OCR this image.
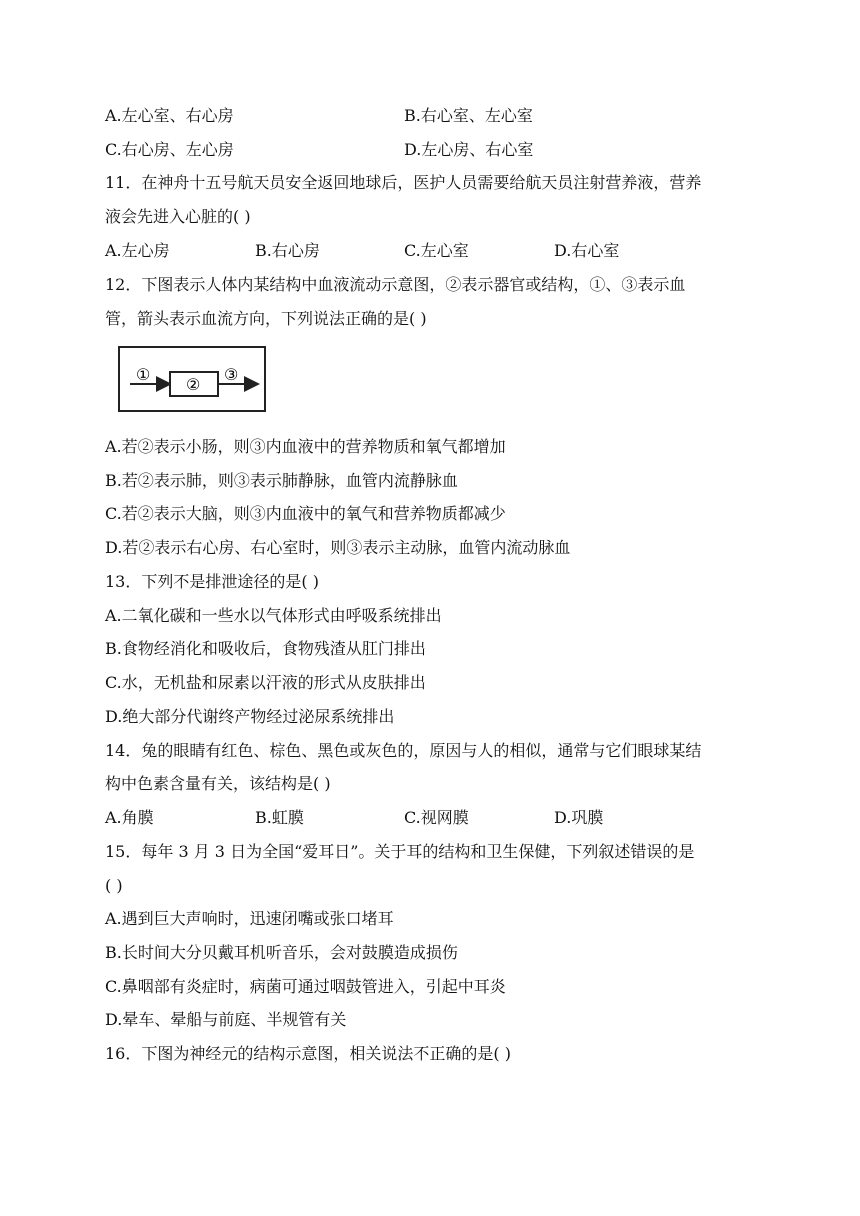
A.左心室、右心房	B.右心室、左心室
C.右心房、左心房	D.左心房、右心室
11．在神舟十五号航天员安全返回地球后，医护人员需要给航天员注射营养液，营养
液会先进入心脏的( )
A.左心房	B.右心房	C.左心室	D.右心室
12．下图表示人体内某结构中血液流动示意图，②表示器官或结构，①、③表示血
管，箭头表示血流方向，下列说法正确的是( )
①
②
③
A.若②表示小肠，则③内血液中的营养物质和氧气都增加
B.若②表示肺，则③表示肺静脉，血管内流静脉血
C.若②表示大脑，则③内血液中的氧气和营养物质都减少
D.若②表示右心房、右心室时，则③表示主动脉，血管内流动脉血
13．下列不是排泄途径的是( )
A.二氧化碳和一些水以气体形式由呼吸系统排出
B.食物经消化和吸收后，食物残渣从肛门排出
C.水，无机盐和尿素以汗液的形式从皮肤排出
D.绝大部分代谢终产物经过泌尿系统排出
14．兔的眼睛有红色、棕色、黑色或灰色的，原因与人的相似，通常与它们眼球某结
构中色素含量有关，该结构是( )
A.角膜	B.虹膜	C.视网膜	D.巩膜
15．每年 3 月 3 日为全国“爱耳日”。关于耳的结构和卫生保健，下列叙述错误的是
( )
A.遇到巨大声响时，迅速闭嘴或张口堵耳
B.长时间大分贝戴耳机听音乐，会对鼓膜造成损伤
C.鼻咽部有炎症时，病菌可通过咽鼓管进入，引起中耳炎
D.晕车、晕船与前庭、半规管有关
16．下图为神经元的结构示意图，相关说法不正确的是( )
